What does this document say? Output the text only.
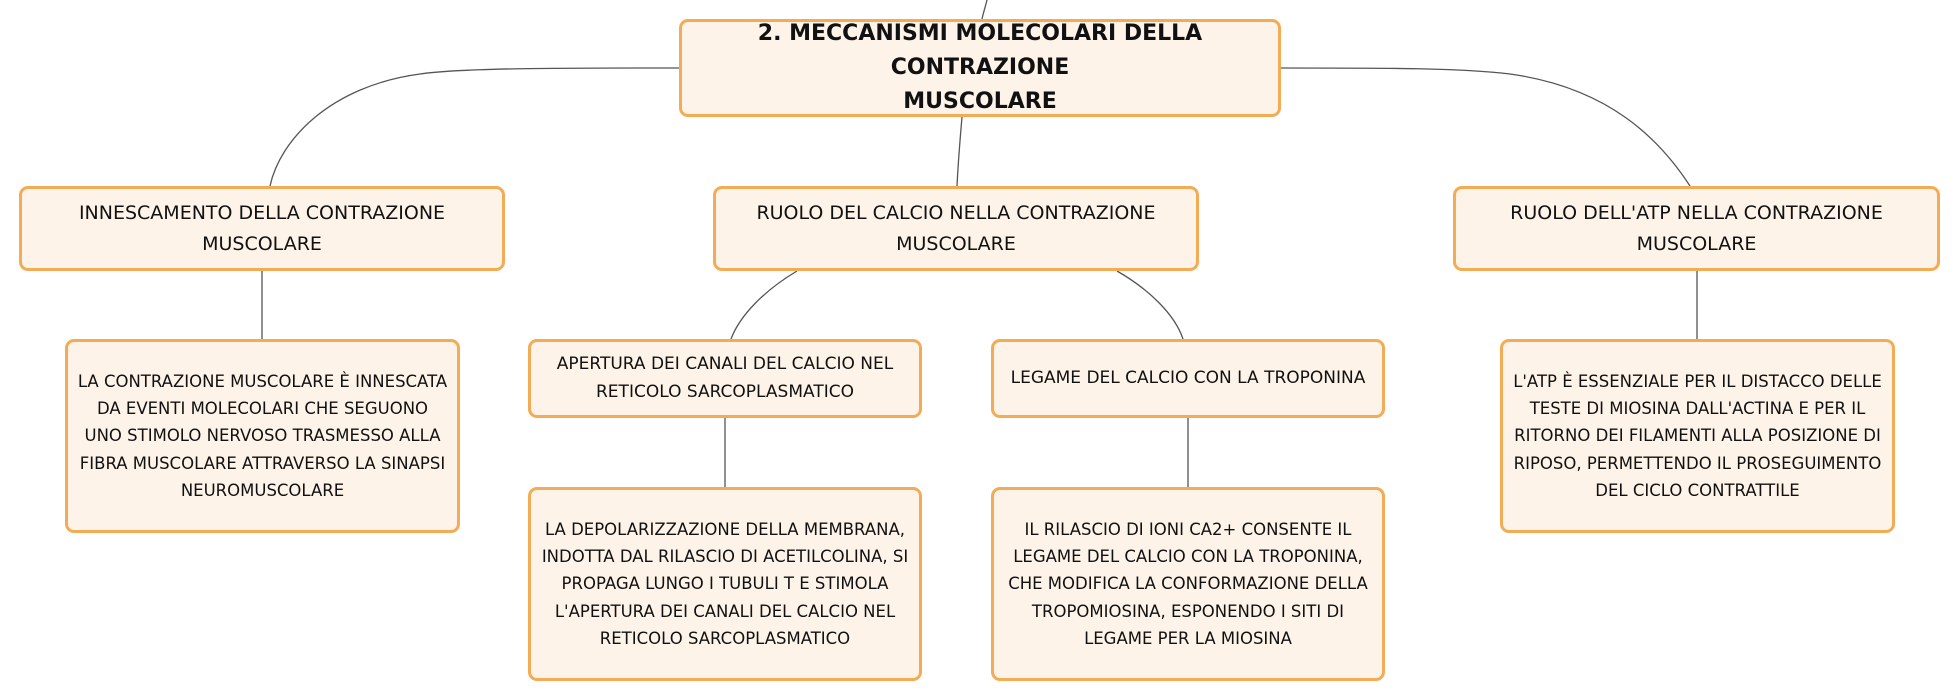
2. MECCANISMI MOLECOLARI DELLA CONTRAZIONE
MUSCOLARE
INNESCAMENTO DELLA CONTRAZIONE
MUSCOLARE
RUOLO DEL CALCIO NELLA CONTRAZIONE
MUSCOLARE
RUOLO DELL'ATP NELLA CONTRAZIONE
MUSCOLARE
LA CONTRAZIONE MUSCOLARE È INNESCATA
DA EVENTI MOLECOLARI CHE SEGUONO
UNO STIMOLO NERVOSO TRASMESSO ALLA
FIBRA MUSCOLARE ATTRAVERSO LA SINAPSI
NEUROMUSCOLARE
APERTURA DEI CANALI DEL CALCIO NEL
RETICOLO SARCOPLASMATICO
LEGAME DEL CALCIO CON LA TROPONINA	L'ATP È ESSENZIALE PER IL DISTACCO DELLE
TESTE DI MIOSINA DALL'ACTINA E PER IL
RITORNO DEI FILAMENTI ALLA POSIZIONE DI
RIPOSO, PERMETTENDO IL PROSEGUIMENTO
DEL CICLO CONTRATTILE
LA DEPOLARIZZAZIONE DELLA MEMBRANA,
INDOTTA DAL RILASCIO DI ACETILCOLINA, SI
PROPAGA LUNGO I TUBULI T E STIMOLA
L'APERTURA DEI CANALI DEL CALCIO NEL
RETICOLO SARCOPLASMATICO
IL RILASCIO DI IONI CA2+ CONSENTE IL
LEGAME DEL CALCIO CON LA TROPONINA,
CHE MODIFICA LA CONFORMAZIONE DELLA
TROPOMIOSINA, ESPONENDO I SITI DI
LEGAME PER LA MIOSINA
